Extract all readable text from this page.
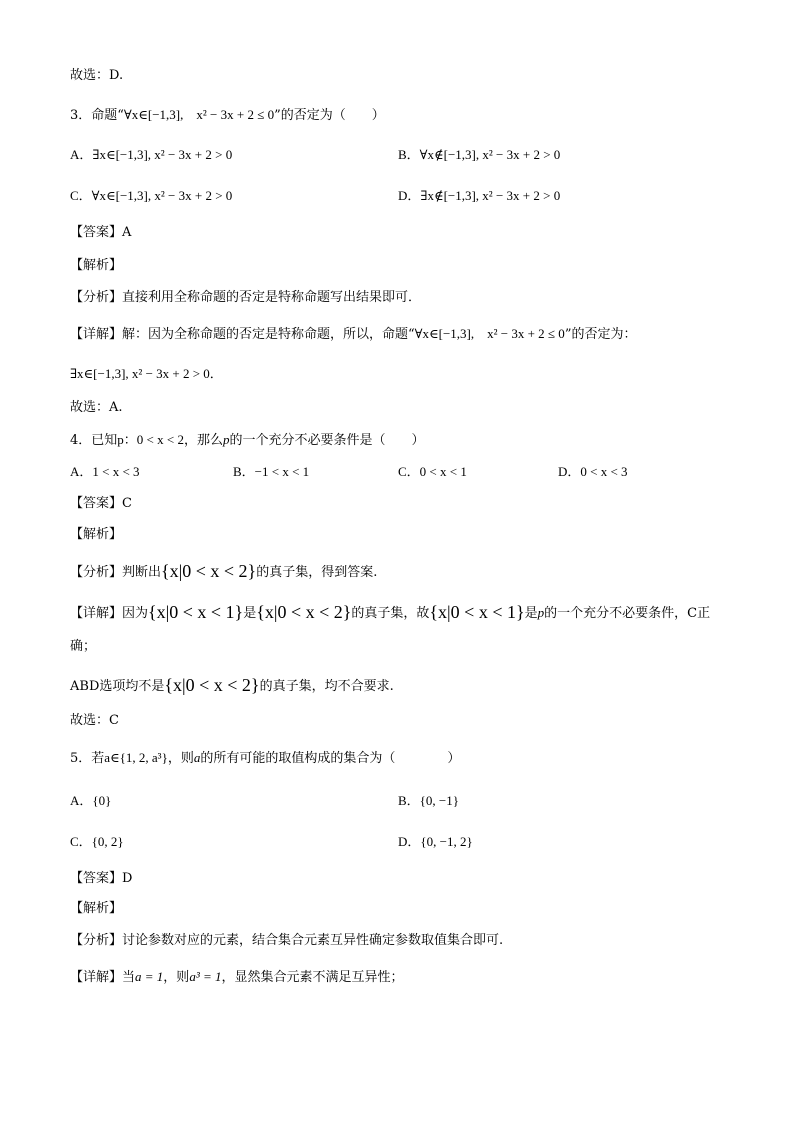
故选：D.
3．命题“∀x∈[−1,3],　x² − 3x + 2 ≤ 0”的否定为（　　）
A．∃x∈[−1,3], x² − 3x + 2 > 0	B．∀x∉[−1,3], x² − 3x + 2 > 0
C．∀x∈[−1,3], x² − 3x + 2 > 0	D．∃x∉[−1,3], x² − 3x + 2 > 0
【答案】A
【解析】
【分析】直接利用全称命题的否定是特称命题写出结果即可．
【详解】解：因为全称命题的否定是特称命题，所以，命题“∀x∈[−1,3],　x² − 3x + 2 ≤ 0”的否定为：
∃x∈[−1,3], x² − 3x + 2 > 0．
故选：A.
4．已知p：0 < x < 2，那么p的一个充分不必要条件是（　　）
A．1 < x < 3	B．−1 < x < 1	C．0 < x < 1	D．0 < x < 3
【答案】C
【解析】
【分析】判断出{x|0 < x < 2}的真子集，得到答案.
【详解】因为{x|0 < x < 1}是{x|0 < x < 2}的真子集，故{x|0 < x < 1}是p的一个充分不必要条件，C正
确；
ABD选项均不是{x|0 < x < 2}的真子集，均不合要求.
故选：C
5．若a∈{1, 2, a³}，则a的所有可能的取值构成的集合为（　　　　）
A．{0}	B．{0, −1}
C．{0, 2}	D．{0, −1, 2}
【答案】D
【解析】
【分析】讨论参数对应的元素，结合集合元素互异性确定参数取值集合即可.
【详解】当a = 1，则a³ = 1，显然集合元素不满足互异性；
